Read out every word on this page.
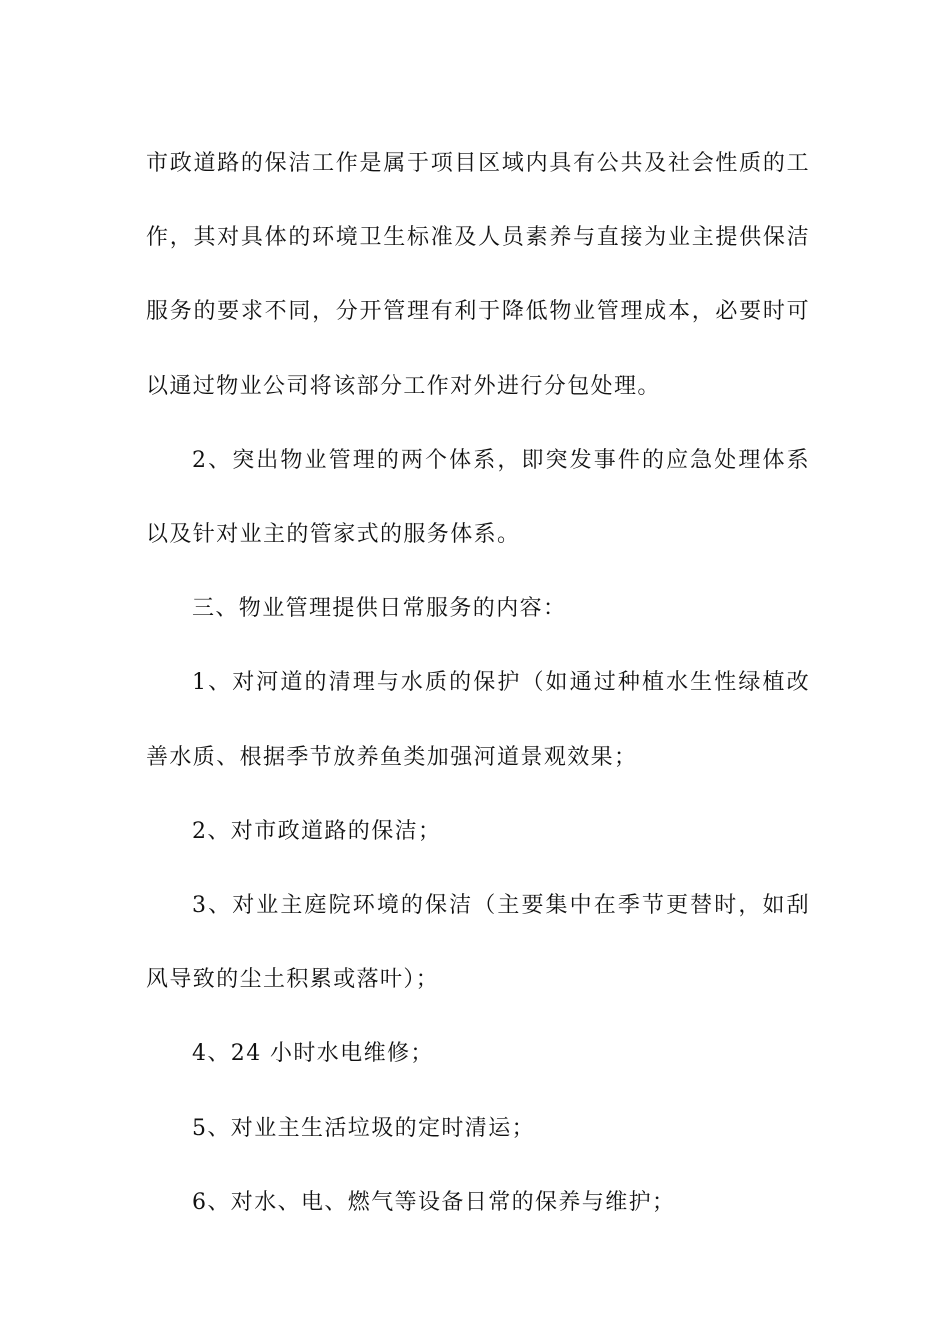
市政道路的保洁工作是属于项目区域内具有公共及社会性质的工作，其对具体的环境卫生标准及人员素养与直接为业主提供保洁服务的要求不同，分开管理有利于降低物业管理成本，必要时可以通过物业公司将该部分工作对外进行分包处理。

2、突出物业管理的两个体系，即突发事件的应急处理体系以及针对业主的管家式的服务体系。

三、物业管理提供日常服务的内容：

1、对河道的清理与水质的保护（如通过种植水生性绿植改善水质、根据季节放养鱼类加强河道景观效果；

2、对市政道路的保洁；

3、对业主庭院环境的保洁（主要集中在季节更替时，如刮风导致的尘土积累或落叶）；

4、24 小时水电维修；

5、对业主生活垃圾的定时清运；

6、对水、电、燃气等设备日常的保养与维护；
